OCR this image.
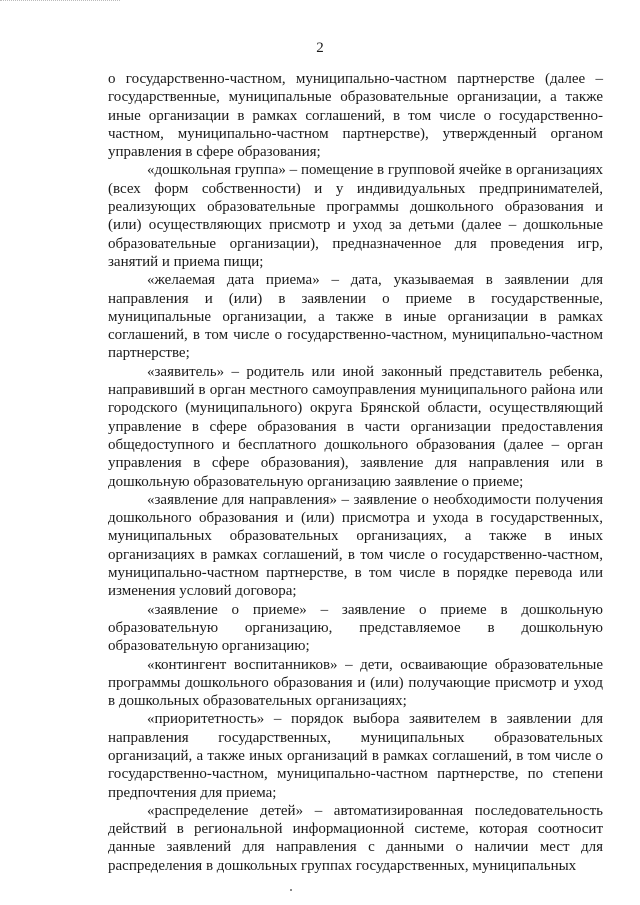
2

о государственно-частном, муниципально-частном партнерстве (далее – государственные, муниципальные образовательные организации, а также иные организации в рамках соглашений, в том числе о государственно-частном, муниципально-частном партнерстве), утвержденный органом управления в сфере образования;

«дошкольная группа» – помещение в групповой ячейке в организациях (всех форм собственности) и у индивидуальных предпринимателей, реализующих образовательные программы дошкольного образования и (или) осуществляющих присмотр и уход за детьми (далее – дошкольные образовательные организации), предназначенное для проведения игр, занятий и приема пищи;

«желаемая дата приема» – дата, указываемая в заявлении для направления и (или) в заявлении о приеме в государственные, муниципальные организации, а также в иные организации в рамках соглашений, в том числе о государственно-частном, муниципально-частном партнерстве;

«заявитель» – родитель или иной законный представитель ребенка, направивший в орган местного самоуправления муниципального района или городского (муниципального) округа Брянской области, осуществляющий управление в сфере образования в части организации предоставления общедоступного и бесплатного дошкольного образования (далее – орган управления в сфере образования), заявление для направления или в дошкольную образовательную организацию заявление о приеме;

«заявление для направления» – заявление о необходимости получения дошкольного образования и (или) присмотра и ухода в государственных, муниципальных образовательных организациях, а также в иных организациях в рамках соглашений, в том числе о государственно-частном, муниципально-частном партнерстве, в том числе в порядке перевода или изменения условий договора;

«заявление о приеме» – заявление о приеме в дошкольную образовательную организацию, представляемое в дошкольную образовательную организацию;

«контингент воспитанников» – дети, осваивающие образовательные программы дошкольного образования и (или) получающие присмотр и уход в дошкольных образовательных организациях;

«приоритетность» – порядок выбора заявителем в заявлении для направления государственных, муниципальных образовательных организаций, а также иных организаций в рамках соглашений, в том числе о государственно-частном, муниципально-частном партнерстве, по степени предпочтения для приема;

«распределение детей» – автоматизированная последовательность действий в региональной информационной системе, которая соотносит данные заявлений для направления с данными о наличии мест для распределения в дошкольных группах государственных, муниципальных
